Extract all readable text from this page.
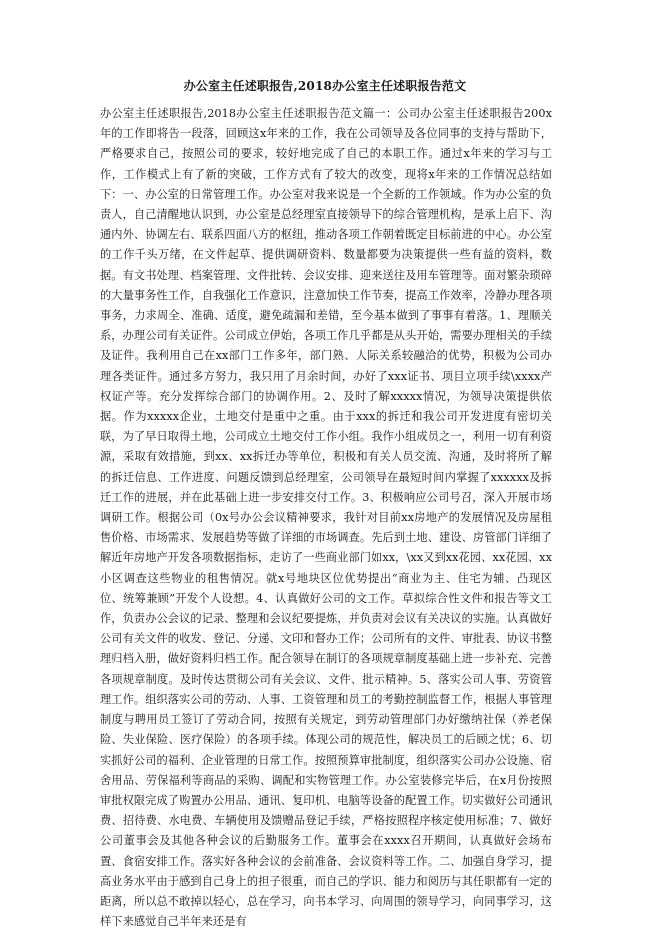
办公室主任述职报告,2018办公室主任述职报告范文
办公室主任述职报告,2018办公室主任述职报告范文篇一：公司办公室主任述职报告200x年的工作即将告一段落，回顾这x年来的工作，我在公司领导及各位同事的支持与帮助下，严格要求自己，按照公司的要求，较好地完成了自己的本职工作。通过x年来的学习与工作，工作模式上有了新的突破，工作方式有了较大的改变，现将x年来的工作情况总结如下：一、办公室的日常管理工作。办公室对我来说是一个全新的工作领域。作为办公室的负责人，自己清醒地认识到，办公室是总经理室直接领导下的综合管理机构，是承上启下、沟通内外、协调左右、联系四面八方的枢纽，推动各项工作朝着既定目标前进的中心。办公室的工作千头万绪，在文件起草、提供调研资料、数量都要为决策提供一些有益的资料，数据。有文书处理、档案管理、文件批转、会议安排、迎来送往及用车管理等。面对繁杂琐碎的大量事务性工作，自我强化工作意识，注意加快工作节奏，提高工作效率，冷静办理各项事务，力求周全、准确、适度，避免疏漏和差错，至今基本做到了事事有着落。1、理顺关系，办理公司有关证件。公司成立伊始，各项工作几乎都是从头开始，需要办理相关的手续及证件。我利用自己在xx部门工作多年，部门熟、人际关系较融洽的优势，积极为公司办理各类证件。通过多方努力，我只用了月余时间，办好了xxx证书、项目立项手续\xxxx产权证产等。充分发挥综合部门的协调作用。2、及时了解xxxxx情况，为领导决策提供依据。作为xxxxx企业，土地交付是重中之重。由于xxx的拆迁和我公司开发进度有密切关联，为了早日取得土地，公司成立土地交付工作小组。我作小组成员之一，利用一切有利资源，采取有效措施，到xx、xx拆迁办等单位，积极和有关人员交流、沟通，及时将所了解的拆迁信息、工作进度、问题反馈到总经理室，公司领导在最短时间内掌握了xxxxxx及拆迁工作的进展，并在此基础上进一步安排交付工作。3、积极响应公司号召，深入开展市场调研工作。根据公司（0x号办公会议精神要求，我针对目前xx房地产的发展情况及房屋租售价格、市场需求、发展趋势等做了详细的市场调查。先后到土地、建设、房管部门详细了解近年房地产开发各项数据指标，走访了一些商业部门如xx，\xx又到xx花园、xx花园、xx小区调查这些物业的租售情况。就x号地块区位优势提出“商业为主、住宅为辅、凸现区位、统筹兼顾”开发个人设想。4、认真做好公司的文工作。草拟综合性文件和报告等文工作，负责办公会议的记录、整理和会议纪要提炼，并负责对会议有关决议的实施。认真做好公司有关文件的收发、登记、分递、文印和督办工作；公司所有的文件、审批表、协议书整理归档入册，做好资料归档工作。配合领导在制订的各项规章制度基础上进一步补充、完善各项规章制度。及时传达贯彻公司有关会议、文件、批示精神。5、落实公司人事、劳资管理工作。组织落实公司的劳动、人事、工资管理和员工的考勤控制监督工作，根据人事管理制度与聘用员工签订了劳动合同，按照有关规定，到劳动管理部门办好缴纳社保（养老保险、失业保险、医疗保险）的各项手续。体现公司的规范性，解决员工的后顾之忧；6、切实抓好公司的福利、企业管理的日常工作。按照预算审批制度，组织落实公司办公设施、宿舍用品、劳保福利等商品的采购、调配和实物管理工作。办公室装修完毕后，在x月份按照审批权限完成了购置办公用品、通讯、复印机、电脑等设备的配置工作。切实做好公司通讯费、招待费、水电费、车辆使用及馈赠品登记手续，严格按照程序核定使用标准；7、做好公司董事会及其他各种会议的后勤服务工作。董事会在xxxx召开期间，认真做好会场布置、食宿安排工作。落实好各种会议的会前准备、会议资料等工作。二、加强自身学习，提高业务水平由于感到自己身上的担子很重，而自己的学识、能力和阅历与其任职都有一定的距离，所以总不敢掉以轻心，总在学习，向书本学习、向周围的领导学习，向同事学习，这样下来感觉自己半年来还是有
